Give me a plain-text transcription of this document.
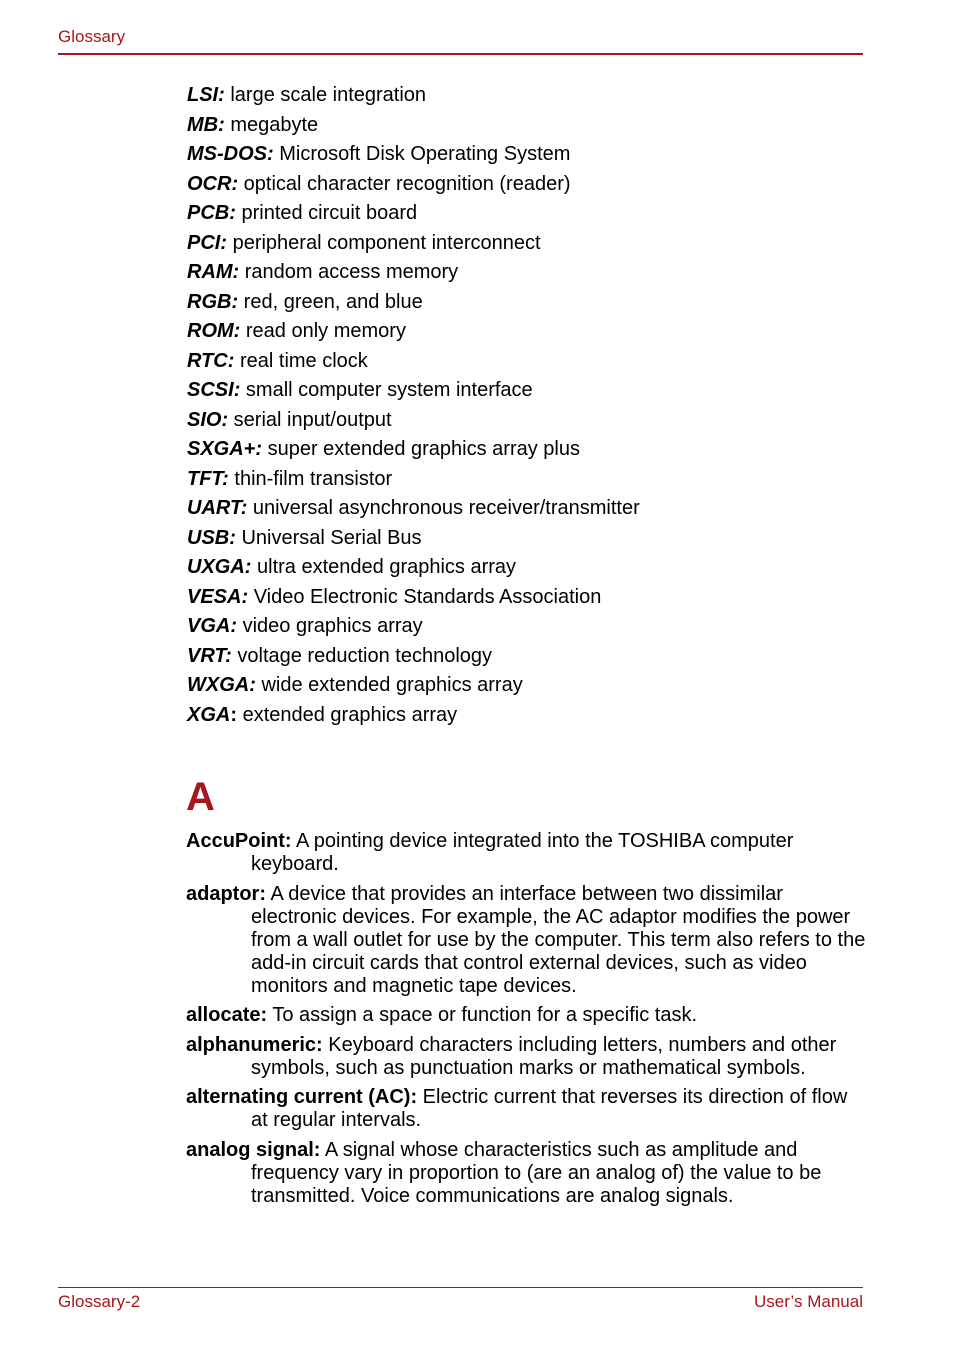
Glossary
LSI: large scale integration
MB: megabyte
MS-DOS: Microsoft Disk Operating System
OCR: optical character recognition (reader)
PCB: printed circuit board
PCI: peripheral component interconnect
RAM: random access memory
RGB: red, green, and blue
ROM: read only memory
RTC: real time clock
SCSI: small computer system interface
SIO: serial input/output
SXGA+: super extended graphics array plus
TFT: thin-film transistor
UART: universal asynchronous receiver/transmitter
USB: Universal Serial Bus
UXGA: ultra extended graphics array
VESA: Video Electronic Standards Association
VGA: video graphics array
VRT: voltage reduction technology
WXGA: wide extended graphics array
XGA: extended graphics array
A
AccuPoint: A pointing device integrated into the TOSHIBA computer keyboard.
adaptor: A device that provides an interface between two dissimilar electronic devices. For example, the AC adaptor modifies the power from a wall outlet for use by the computer. This term also refers to the add-in circuit cards that control external devices, such as video monitors and magnetic tape devices.
allocate: To assign a space or function for a specific task.
alphanumeric: Keyboard characters including letters, numbers and other symbols, such as punctuation marks or mathematical symbols.
alternating current (AC): Electric current that reverses its direction of flow at regular intervals.
analog signal: A signal whose characteristics such as amplitude and frequency vary in proportion to (are an analog of) the value to be transmitted. Voice communications are analog signals.
Glossary-2	User’s Manual
